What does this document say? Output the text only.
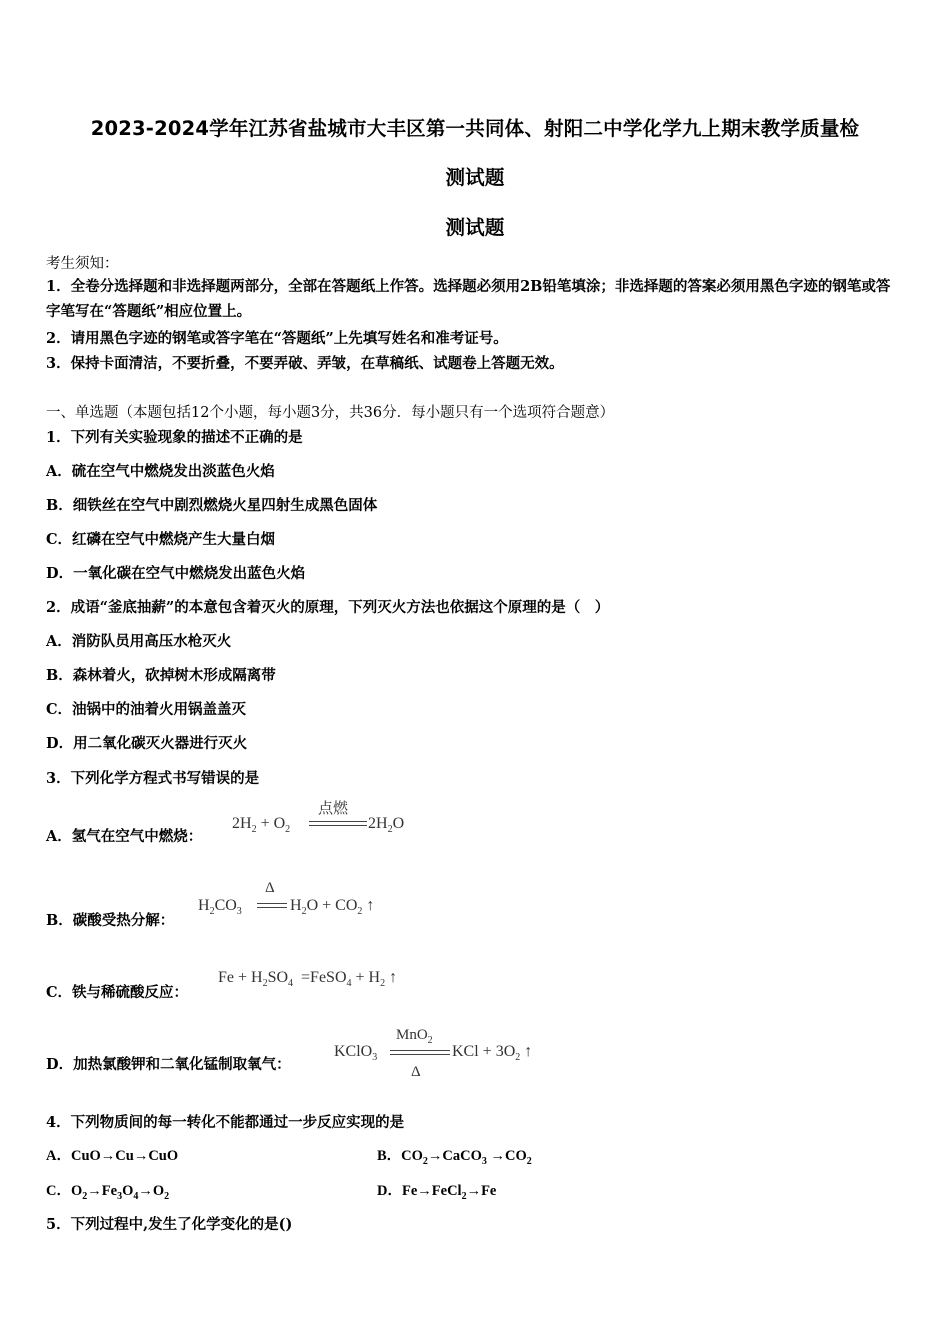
2023-2024学年江苏省盐城市大丰区第一共同体、射阳二中学化学九上期末教学质量检
测试题
测试题
考生须知：
1．全卷分选择题和非选择题两部分，全部在答题纸上作答。选择题必须用2B铅笔填涂；非选择题的答案必须用黑色字迹的钢笔或答字笔写在“答题纸”相应位置上。
2．请用黑色字迹的钢笔或答字笔在“答题纸”上先填写姓名和准考证号。
3．保持卡面清洁，不要折叠，不要弄破、弄皱，在草稿纸、试题卷上答题无效。
一、单选题（本题包括12个小题，每小题3分，共36分．每小题只有一个选项符合题意）
1．下列有关实验现象的描述不正确的是
A．硫在空气中燃烧发出淡蓝色火焰
B．细铁丝在空气中剧烈燃烧火星四射生成黑色固体
C．红磷在空气中燃烧产生大量白烟
D．一氧化碳在空气中燃烧发出蓝色火焰
2．成语“釜底抽薪”的本意包含着灭火的原理，下列灭火方法也依据这个原理的是（　）
A．消防队员用高压水枪灭火
B．森林着火，砍掉树木形成隔离带
C．油锅中的油着火用锅盖盖灭
D．用二氧化碳灭火器进行灭火
3．下列化学方程式书写错误的是
A．氢气在空气中燃烧：
$2H_2 + O_2$
点燃
$2H_2O$
B．碳酸受热分解：
$H_2CO_3$
Δ
$H_2O + CO_2$ ↑
C．铁与稀硫酸反应：
$Fe + H_2SO_4$  =FeSO$_4$ + $H_2$ ↑
D．加热氯酸钾和二氧化锰制取氧气：
KClO$_3$
MnO$_2$
Δ
KCl + $3O_2$ ↑
4．下列物质间的每一转化不能都通过一步反应实现的是
A．CuO→Cu→CuO	B．$CO_2\to CaCO_3 \to CO_2$
C．$O_2\to Fe_3O_4\to O_2$	D．Fe→FeCl$_2$→Fe
5．下列过程中,发生了化学变化的是()
